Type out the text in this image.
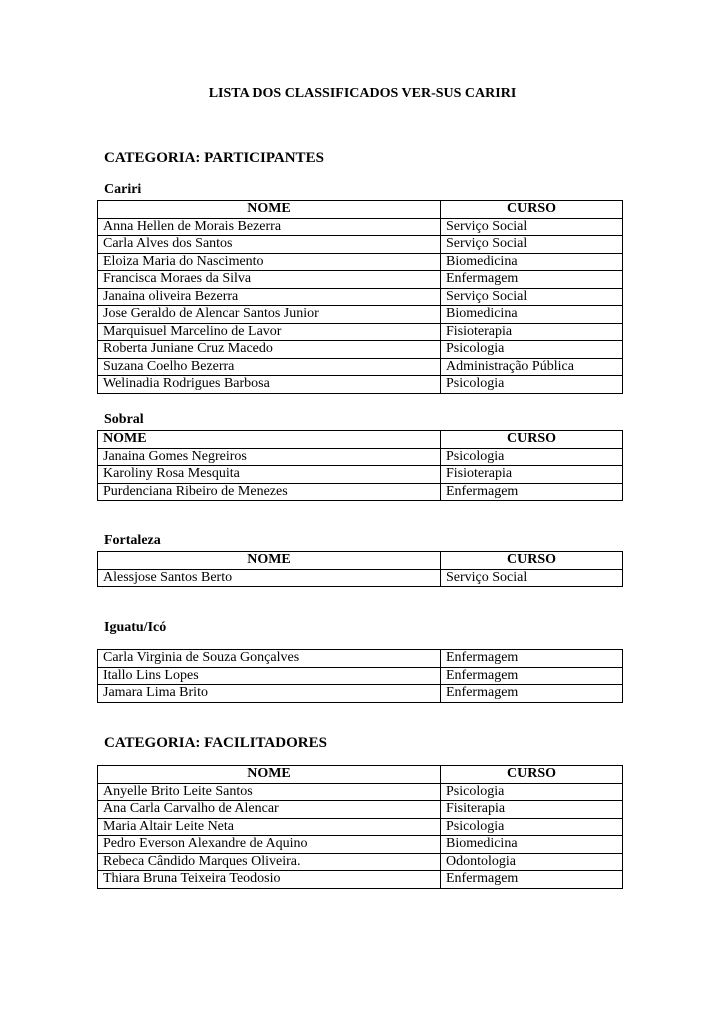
LISTA DOS CLASSIFICADOS VER-SUS CARIRI
CATEGORIA: PARTICIPANTES
Cariri
NOME	CURSO
Anna Hellen de Morais Bezerra	Serviço Social
Carla Alves dos Santos	Serviço Social
Eloiza Maria do Nascimento	Biomedicina
Francisca Moraes da Silva	Enfermagem
Janaina oliveira Bezerra	Serviço Social
Jose Geraldo de Alencar Santos Junior	Biomedicina
Marquisuel Marcelino de Lavor	Fisioterapia
Roberta Juniane Cruz Macedo	Psicologia
Suzana Coelho Bezerra	Administração Pública
Welinadia Rodrigues Barbosa	Psicologia
Sobral
NOME	CURSO
Janaina Gomes Negreiros	Psicologia
Karoliny Rosa Mesquita	Fisioterapia
Purdenciana Ribeiro de Menezes	Enfermagem
Fortaleza
NOME	CURSO
Alessjose Santos Berto	Serviço Social
Iguatu/Icó
Carla Virginia de Souza Gonçalves	Enfermagem
Itallo Lins Lopes	Enfermagem
Jamara Lima Brito	Enfermagem
CATEGORIA: FACILITADORES
NOME	CURSO
Anyelle Brito Leite Santos	Psicologia
Ana Carla Carvalho de Alencar	Fisiterapia
Maria Altair Leite Neta	Psicologia
Pedro Everson Alexandre de Aquino	Biomedicina
Rebeca Cândido Marques Oliveira.	Odontologia
Thiara Bruna Teixeira Teodosio	Enfermagem
